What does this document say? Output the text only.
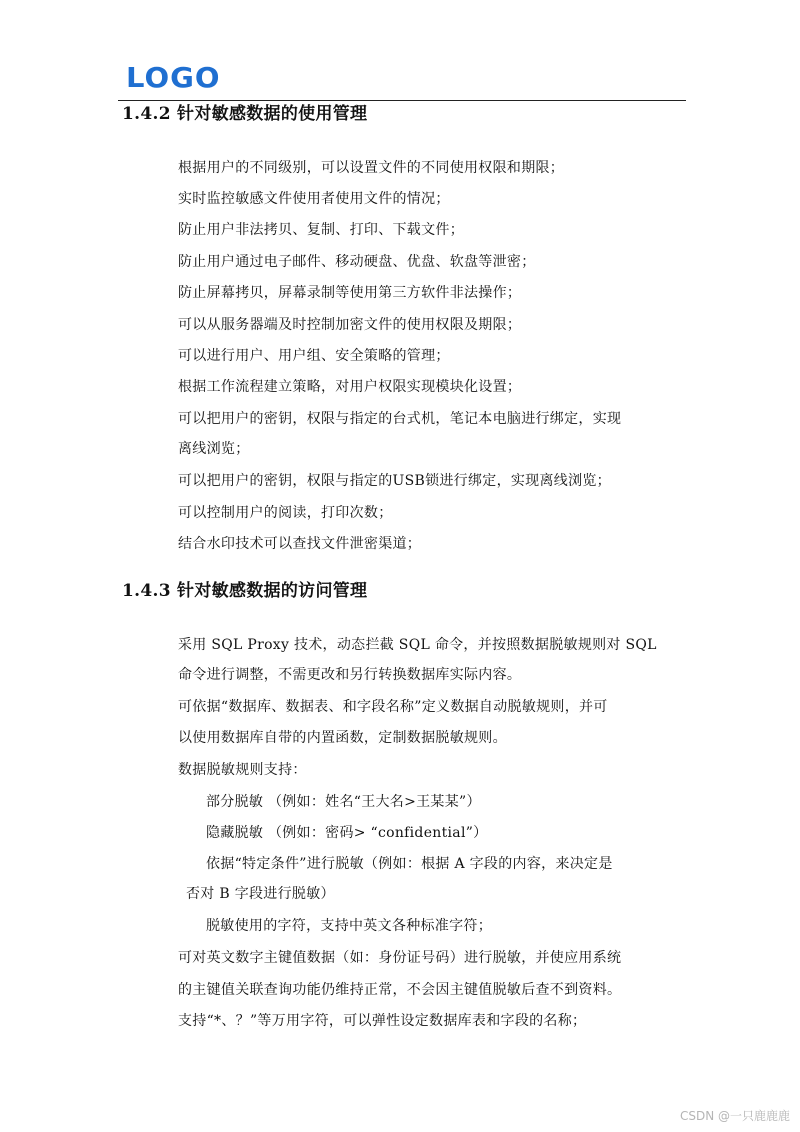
LOGO
1.4.2 针对敏感数据的使用管理
根据用户的不同级别，可以设置文件的不同使用权限和期限；
实时监控敏感文件使用者使用文件的情况；
防止用户非法拷贝、复制、打印、下载文件；
防止用户通过电子邮件、移动硬盘、优盘、软盘等泄密；
防止屏幕拷贝，屏幕录制等使用第三方软件非法操作；
可以从服务器端及时控制加密文件的使用权限及期限；
可以进行用户、用户组、安全策略的管理；
根据工作流程建立策略，对用户权限实现模块化设置；
可以把用户的密钥，权限与指定的台式机，笔记本电脑进行绑定，实现
离线浏览；
可以把用户的密钥，权限与指定的USB锁进行绑定，实现离线浏览；
可以控制用户的阅读，打印次数；
结合水印技术可以查找文件泄密渠道；
1.4.3 针对敏感数据的访问管理
采用 SQL Proxy 技术，动态拦截 SQL 命令，并按照数据脱敏规则对 SQL
命令进行调整，不需更改和另行转换数据库实际内容。
可依据“数据库、数据表、和字段名称”定义数据自动脱敏规则，并可
以使用数据库自带的内置函数，定制数据脱敏规则。
数据脱敏规则支持：
部分脱敏 （例如：姓名“王大名>王某某”）
隐藏脱敏 （例如：密码> “confidential”）
依据“特定条件”进行脱敏（例如：根据 A 字段的内容，来决定是
否对 B 字段进行脱敏）
脱敏使用的字符，支持中英文各种标准字符；
可对英文数字主键值数据（如：身份证号码）进行脱敏，并使应用系统
的主键值关联查询功能仍维持正常，不会因主键值脱敏后查不到资料。
支持“*、？”等万用字符，可以弹性设定数据库表和字段的名称；
CSDN @一只鹿鹿鹿
